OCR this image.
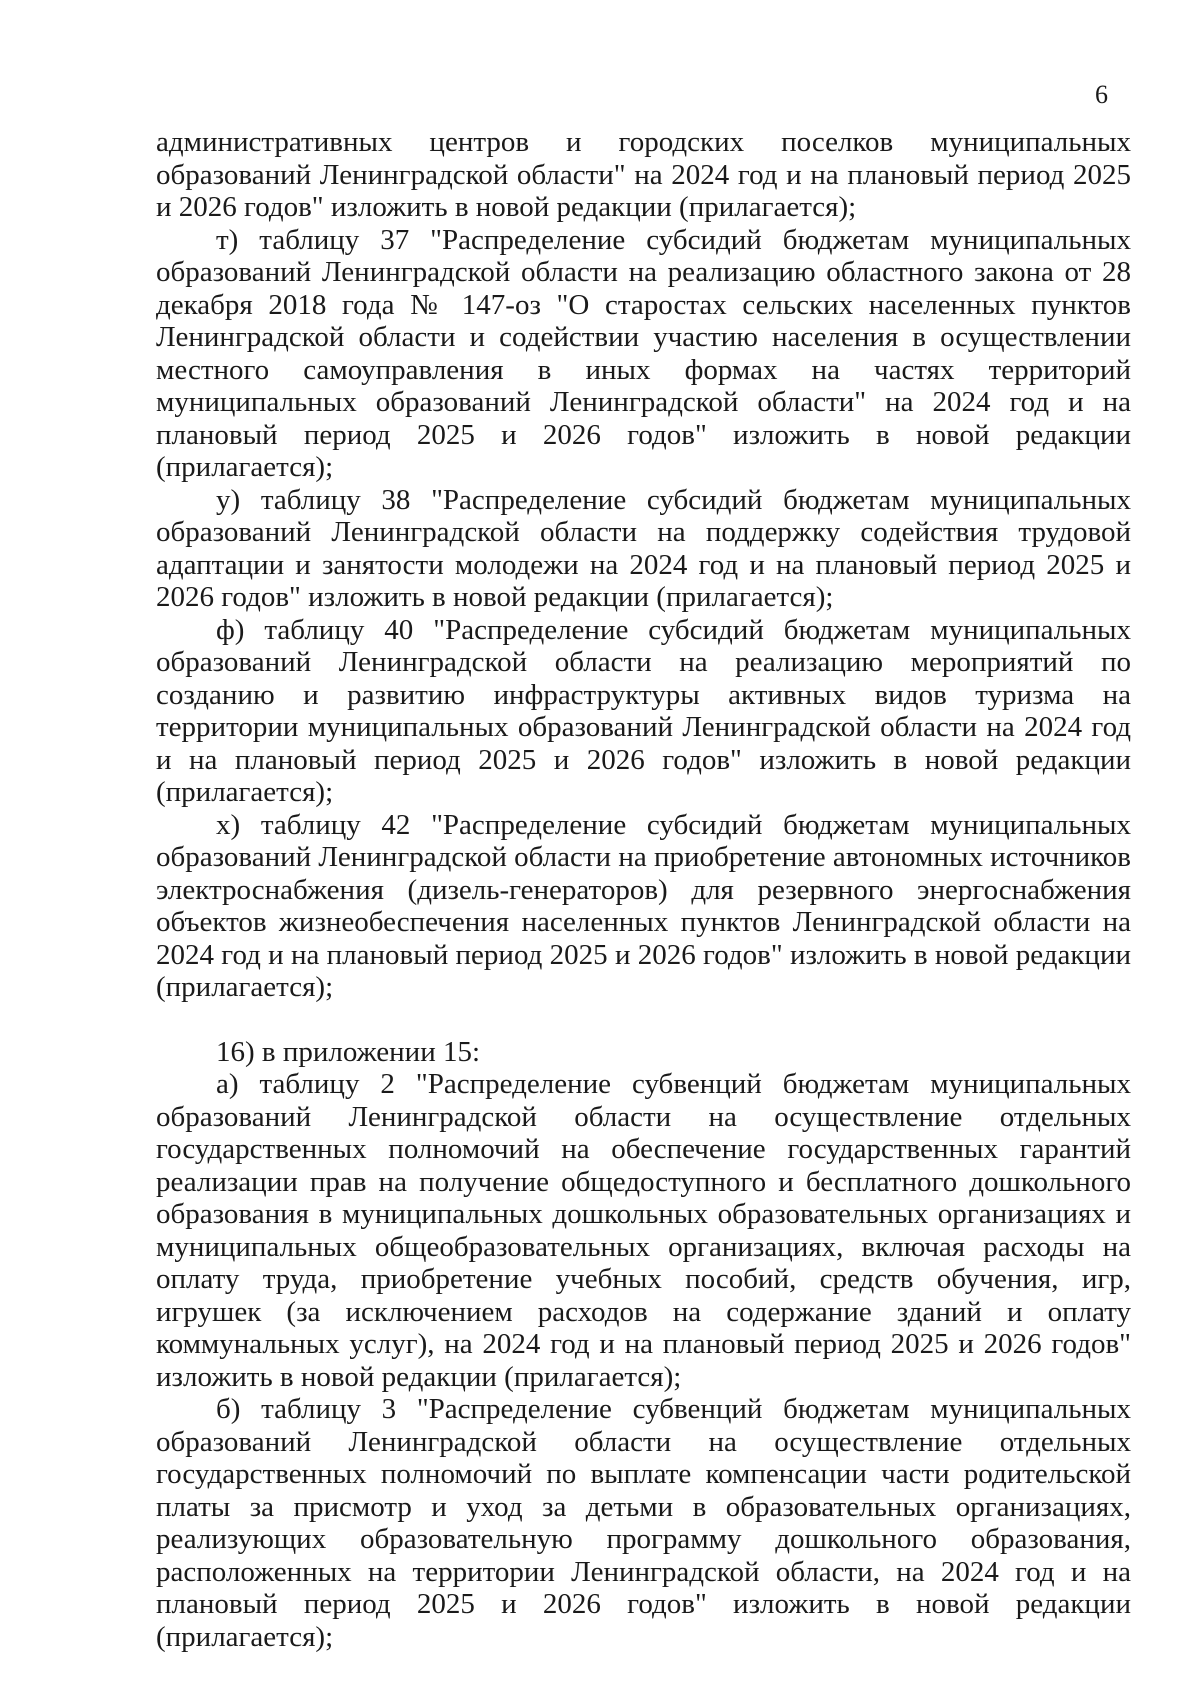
6

административных центров и городских поселков муниципальных образований Ленинградской области" на 2024 год и на плановый период 2025 и 2026 годов" изложить в новой редакции (прилагается);

т) таблицу 37 "Распределение субсидий бюджетам муниципальных образований Ленинградской области на реализацию областного закона от 28 декабря 2018 года № 147-оз "О старостах сельских населенных пунктов Ленинградской области и содействии участию населения в осуществлении местного самоуправления в иных формах на частях территорий муниципальных образований Ленинградской области" на 2024 год и на плановый период 2025 и 2026 годов" изложить в новой редакции (прилагается);

у) таблицу 38 "Распределение субсидий бюджетам муниципальных образований Ленинградской области на поддержку содействия трудовой адаптации и занятости молодежи на 2024 год и на плановый период 2025 и 2026 годов" изложить в новой редакции (прилагается);

ф) таблицу 40 "Распределение субсидий бюджетам муниципальных образований Ленинградской области на реализацию мероприятий по созданию и развитию инфраструктуры активных видов туризма на территории муниципальных образований Ленинградской области на 2024 год и на плановый период 2025 и 2026 годов" изложить в новой редакции (прилагается);

х) таблицу 42 "Распределение субсидий бюджетам муниципальных образований Ленинградской области на приобретение автономных источников электроснабжения (дизель-генераторов) для резервного энергоснабжения объектов жизнеобеспечения населенных пунктов Ленинградской области на 2024 год и на плановый период 2025 и 2026 годов" изложить в новой редакции (прилагается);

16) в приложении 15:

а) таблицу 2 "Распределение субвенций бюджетам муниципальных образований Ленинградской области на осуществление отдельных государственных полномочий на обеспечение государственных гарантий реализации прав на получение общедоступного и бесплатного дошкольного образования в муниципальных дошкольных образовательных организациях и муниципальных общеобразовательных организациях, включая расходы на оплату труда, приобретение учебных пособий, средств обучения, игр, игрушек (за исключением расходов на содержание зданий и оплату коммунальных услуг), на 2024 год и на плановый период 2025 и 2026 годов" изложить в новой редакции (прилагается);

б) таблицу 3 "Распределение субвенций бюджетам муниципальных образований Ленинградской области на осуществление отдельных государственных полномочий по выплате компенсации части родительской платы за присмотр и уход за детьми в образовательных организациях, реализующих образовательную программу дошкольного образования, расположенных на территории Ленинградской области, на 2024 год и на плановый период 2025 и 2026 годов" изложить в новой редакции (прилагается);
